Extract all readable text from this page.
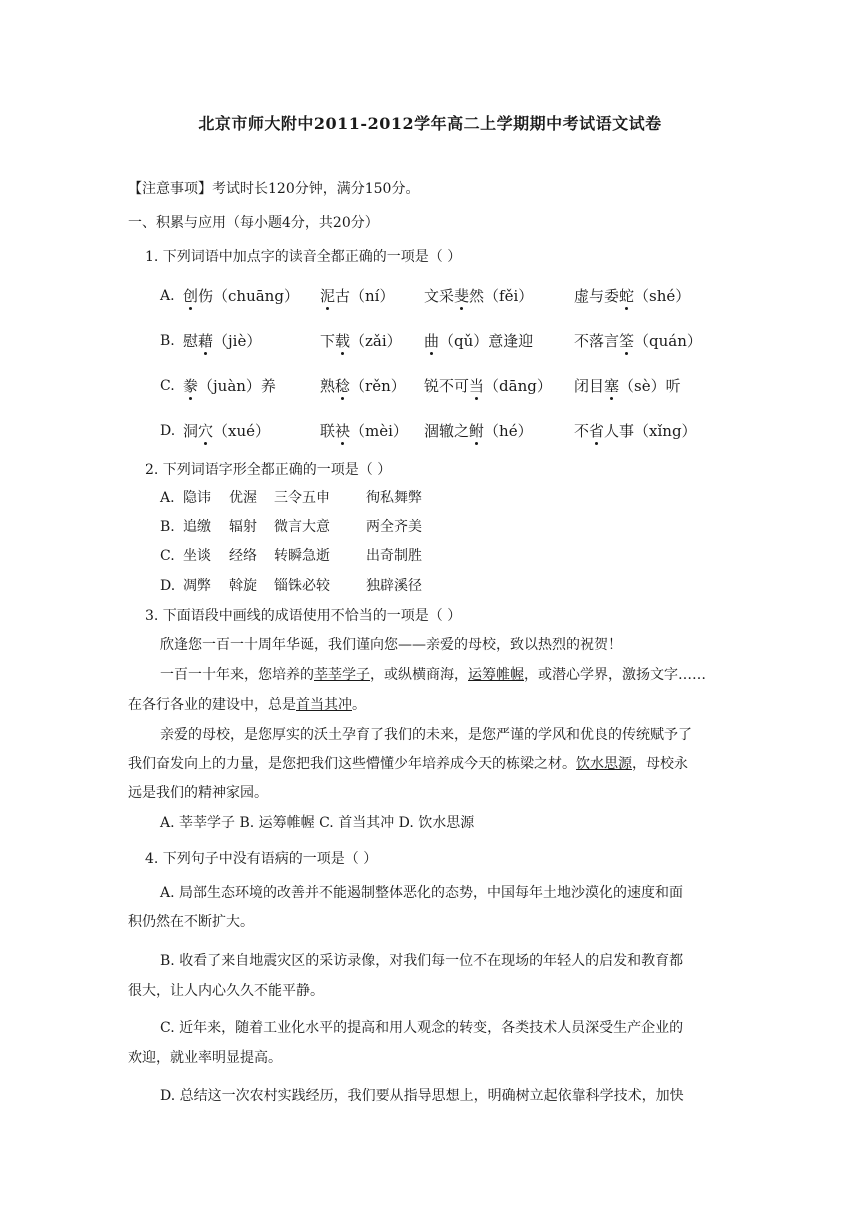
北京市师大附中2011-2012学年高二上学期期中考试语文试卷
【注意事项】考试时长120分钟，满分150分。
一、积累与应用（每小题4分，共20分）
1. 下列词语中加点字的读音全都正确的一项是（ ）
A. 创伤（chuāng） 泥古（ní） 文采斐然（fěi）	虚与委蛇（shé）
B. 慰藉（jiè）	下载（zǎi） 曲（qǔ）意逢迎	不落言筌（quán）
C. 豢（juàn）养	熟稔（rěn） 锐不可当（dāng） 闭目塞（sè）听
D. 洞穴（xué）	联袂（mèi） 涸辙之鲋（hé）	不省人事（xǐng）
2. 下列词语字形全都正确的一项是（ ）
A. 隐讳 优渥 三令五申	徇私舞弊
B. 追缴 辐射 微言大意	两全齐美
C. 坐谈 经络 转瞬急逝	出奇制胜
D. 凋弊 斡旋 锱铢必较	独辟溪径
3. 下面语段中画线的成语使用不恰当的一项是（ ）
欣逢您一百一十周年华诞，我们谨向您——亲爱的母校，致以热烈的祝贺！
一百一十年来，您培养的莘莘学子，或纵横商海，运筹帷幄，或潜心学界，激扬文字……
在各行各业的建设中，总是首当其冲。
亲爱的母校，是您厚实的沃土孕育了我们的未来，是您严谨的学风和优良的传统赋予了
我们奋发向上的力量，是您把我们这些懵懂少年培养成今天的栋梁之材。饮水思源，母校永
远是我们的精神家园。
A. 莘莘学子 B. 运筹帷幄 C. 首当其冲 D. 饮水思源
4. 下列句子中没有语病的一项是（ ）
A. 局部生态环境的改善并不能遏制整体恶化的态势，中国每年土地沙漠化的速度和面
积仍然在不断扩大。
B. 收看了来自地震灾区的采访录像，对我们每一位不在现场的年轻人的启发和教育都
很大，让人内心久久不能平静。
C. 近年来，随着工业化水平的提高和用人观念的转变，各类技术人员深受生产企业的
欢迎，就业率明显提高。
D. 总结这一次农村实践经历，我们要从指导思想上，明确树立起依靠科学技术，加快
